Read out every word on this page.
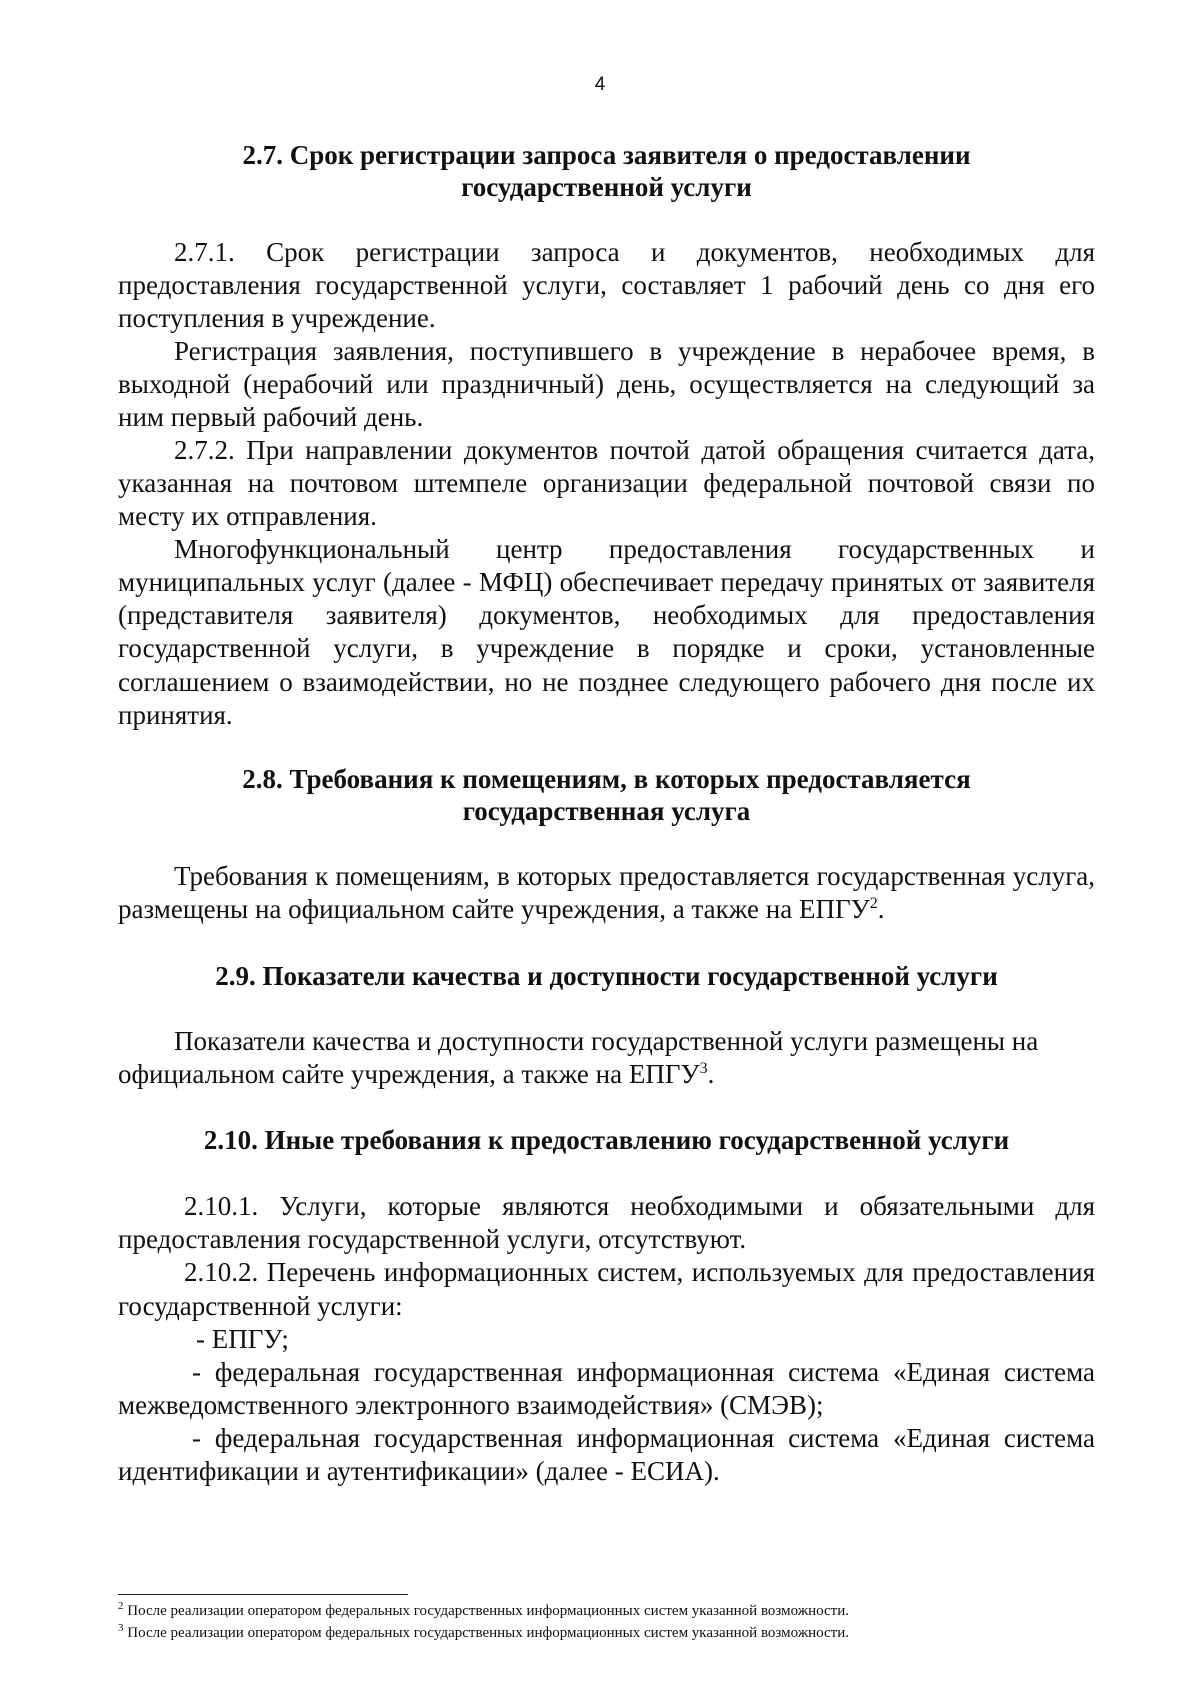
4
2.7. Срок регистрации запроса заявителя о предоставлении
государственной услуги

2.7.1. Срок регистрации запроса и документов, необходимых для предоставления государственной услуги, составляет 1 рабочий день со дня его поступления в учреждение.

Регистрация заявления, поступившего в учреждение в нерабочее время, в выходной (нерабочий или праздничный) день, осуществляется на следующий за ним первый рабочий день.

2.7.2. При направлении документов почтой датой обращения считается дата, указанная на почтовом штемпеле организации федеральной почтовой связи по месту их отправления.

Многофункциональный центр предоставления государственных и муниципальных услуг (далее - МФЦ) обеспечивает передачу принятых от заявителя (представителя заявителя) документов, необходимых для предоставления государственной услуги, в учреждение в порядке и сроки, установленные соглашением о взаимодействии, но не позднее следующего рабочего дня после их принятия.

2.8. Требования к помещениям, в которых предоставляется
государственная услуга

Требования к помещениям, в которых предоставляется государственная услуга, размещены на официальном сайте учреждения, а также на ЕПГУ$^2$.

2.9. Показатели качества и доступности государственной услуги

Показатели качества и доступности государственной услуги размещены на официальном сайте учреждения, а также на ЕПГУ$^3$.

2.10. Иные требования к предоставлению государственной услуги

2.10.1. Услуги, которые являются необходимыми и обязательными для предоставления государственной услуги, отсутствуют.

2.10.2. Перечень информационных систем, используемых для предоставления государственной услуги:

- ЕПГУ;

- федеральная государственная информационная система «Единая система межведомственного электронного взаимодействия» (СМЭВ);

- федеральная государственная информационная система «Единая система идентификации и аутентификации» (далее - ЕСИА).

$^2$ После реализации оператором федеральных государственных информационных систем указанной возможности.

$^3$ После реализации оператором федеральных государственных информационных систем указанной возможности.
